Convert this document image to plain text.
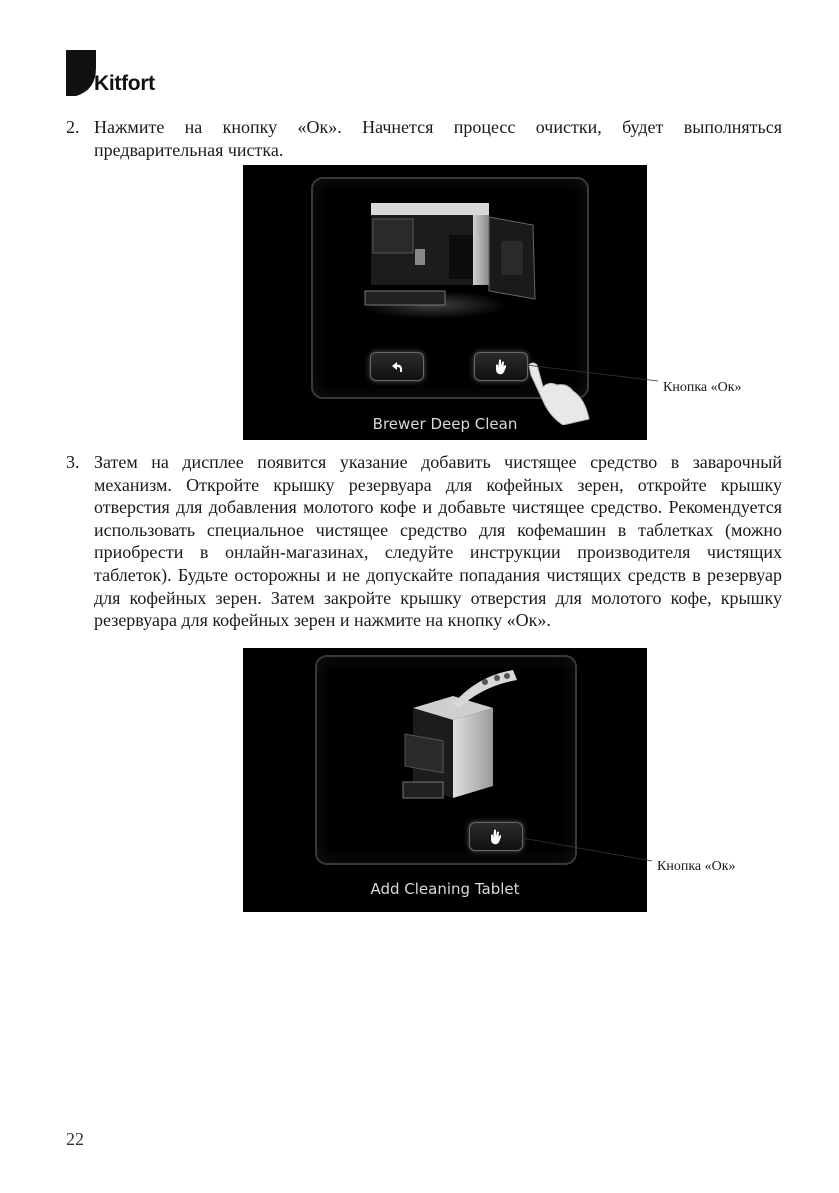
Kitfort
2. Нажмите на кнопку «Ок». Начнется процесс очистки, будет выполняться предварительная чистка.
Brewer Deep Clean
Кнопка «Ок»
3. Затем на дисплее появится указание добавить чистящее средство в заварочный механизм. Откройте крышку резервуара для кофейных зерен, откройте крышку отверстия для добавления молотого кофе и добавьте чистящее средство. Рекомендуется использовать специальное чистящее средство для кофемашин в таблетках (можно приобрести в онлайн-магазинах, следуйте инструкции производителя чистящих таблеток). Будьте осторожны и не допускайте попадания чистящих средств в резервуар для кофейных зерен. Затем закройте крышку отверстия для молотого кофе, крышку резервуара для кофейных зерен и нажмите на кнопку «Ок».
Add Cleaning Tablet
Кнопка «Ок»
22
